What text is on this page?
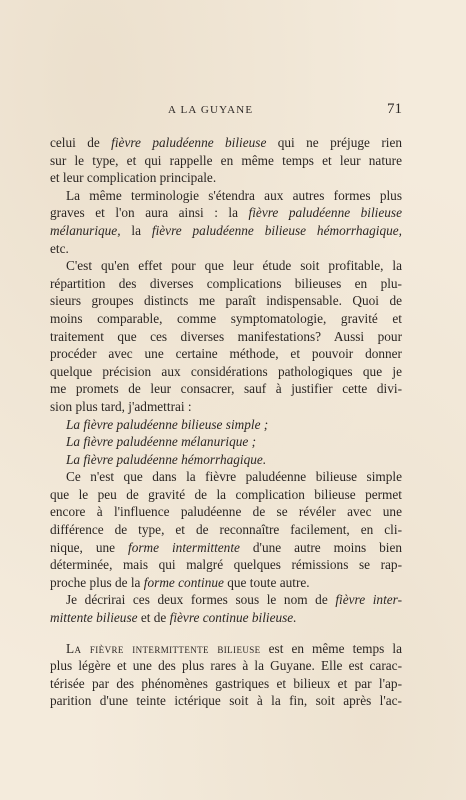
A LA GUYANE	71
celui de fièvre paludéenne bilieuse qui ne préjuge rien
sur le type, et qui rappelle en même temps et leur nature
et leur complication principale.
La même terminologie s'étendra aux autres formes plus
graves et l'on aura ainsi : la fièvre paludéenne bilieuse
mélanurique, la fièvre paludéenne bilieuse hémorrhagique,
etc.
C'est qu'en effet pour que leur étude soit profitable, la
répartition des diverses complications bilieuses en plu-
sieurs groupes distincts me paraît indispensable. Quoi de
moins comparable, comme symptomatologie, gravité et
traitement que ces diverses manifestations? Aussi pour
procéder avec une certaine méthode, et pouvoir donner
quelque précision aux considérations pathologiques que je
me promets de leur consacrer, sauf à justifier cette divi-
sion plus tard, j'admettrai :
La fièvre paludéenne bilieuse simple ;
La fièvre paludéenne mélanurique ;
La fièvre paludéenne hémorrhagique.
Ce n'est que dans la fièvre paludéenne bilieuse simple
que le peu de gravité de la complication bilieuse permet
encore à l'influence paludéenne de se révéler avec une
différence de type, et de reconnaître facilement, en cli-
nique, une forme intermittente d'une autre moins bien
déterminée, mais qui malgré quelques rémissions se rap-
proche plus de la forme continue que toute autre.
Je décrirai ces deux formes sous le nom de fièvre inter-
mittente bilieuse et de fièvre continue bilieuse.
La fièvre intermittente bilieuse est en même temps la
plus légère et une des plus rares à la Guyane. Elle est carac-
térisée par des phénomènes gastriques et bilieux et par l'ap-
parition d'une teinte ictérique soit à la fin, soit après l'ac-
